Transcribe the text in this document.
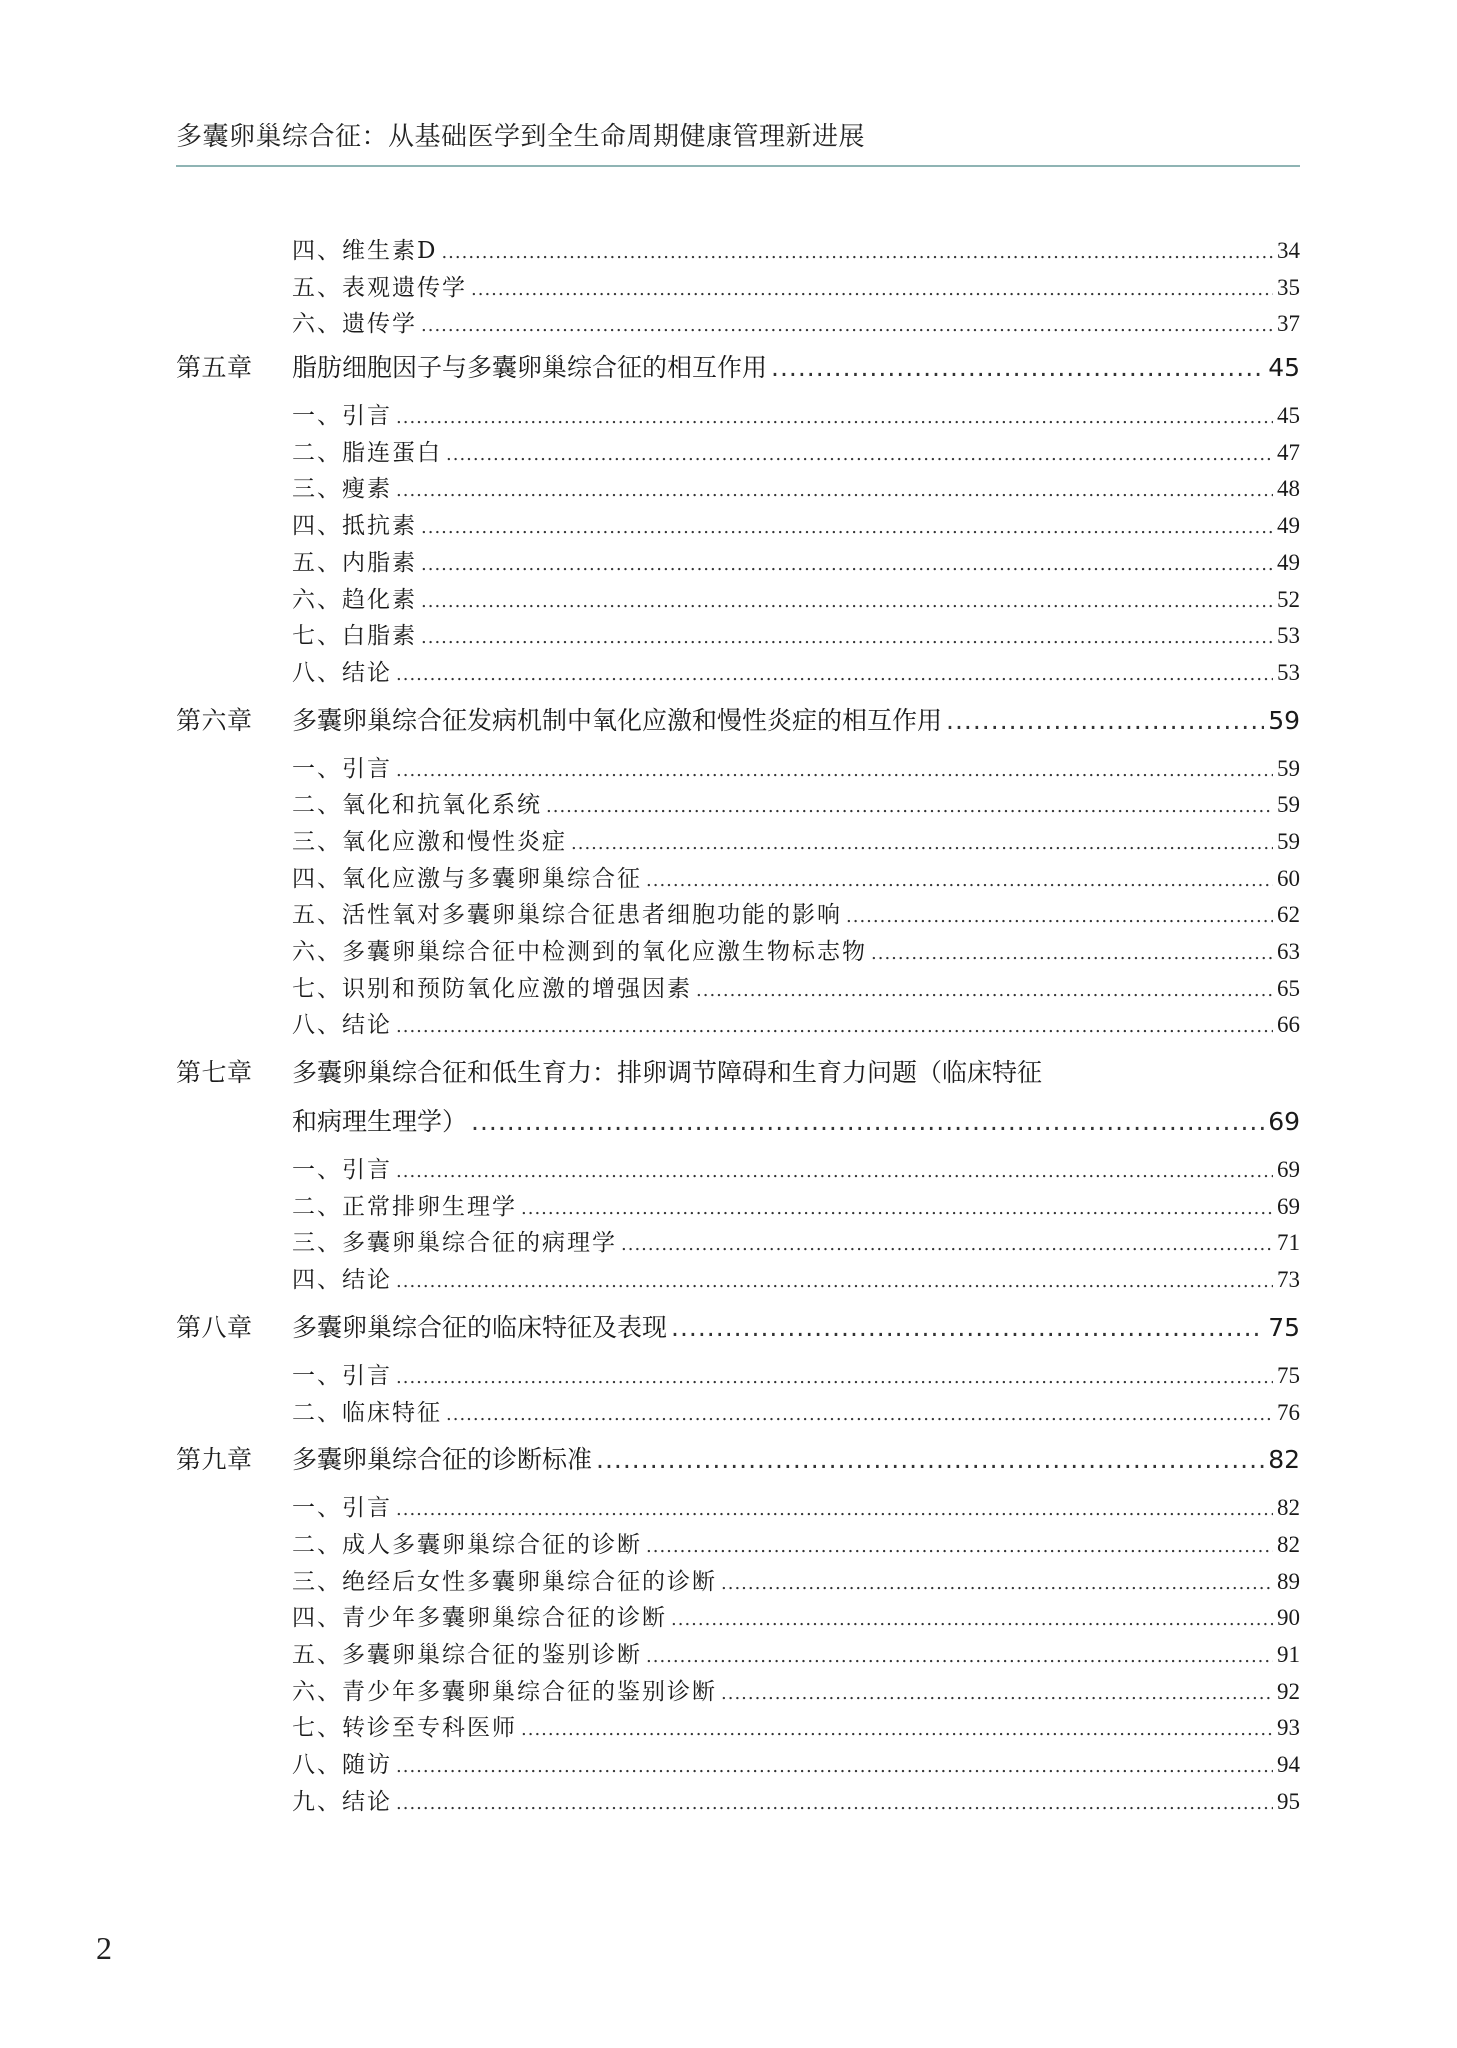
多囊卵巢综合征：从基础医学到全生命周期健康管理新进展
四、维生素D .....	34
五、表观遗传学 .....	35
六、遗传学 .....	37
第五章	脂肪细胞因子与多囊卵巢综合征的相互作用 .....	45
一、引言 .....	45
二、脂连蛋白 .....	47
三、瘦素 .....	48
四、抵抗素 .....	49
五、内脂素 .....	49
六、趋化素 .....	52
七、白脂素 .....	53
八、结论 .....	53
第六章	多囊卵巢综合征发病机制中氧化应激和慢性炎症的相互作用 .....	59
一、引言 .....	59
二、氧化和抗氧化系统 .....	59
三、氧化应激和慢性炎症 .....	59
四、氧化应激与多囊卵巢综合征 .....	60
五、活性氧对多囊卵巢综合征患者细胞功能的影响 .....	62
六、多囊卵巢综合征中检测到的氧化应激生物标志物 .....	63
七、识别和预防氧化应激的增强因素 .....	65
八、结论 .....	66
第七章	多囊卵巢综合征和低生育力：排卵调节障碍和生育力问题（临床特征
和病理生理学） .....	69
一、引言 .....	69
二、正常排卵生理学 .....	69
三、多囊卵巢综合征的病理学 .....	71
四、结论 .....	73
第八章	多囊卵巢综合征的临床特征及表现 .....	75
一、引言 .....	75
二、临床特征 .....	76
第九章	多囊卵巢综合征的诊断标准 .....	82
一、引言 .....	82
二、成人多囊卵巢综合征的诊断 .....	82
三、绝经后女性多囊卵巢综合征的诊断 .....	89
四、青少年多囊卵巢综合征的诊断 .....	90
五、多囊卵巢综合征的鉴别诊断 .....	91
六、青少年多囊卵巢综合征的鉴别诊断 .....	92
七、转诊至专科医师 .....	93
八、随访 .....	94
九、结论 .....	95
2
